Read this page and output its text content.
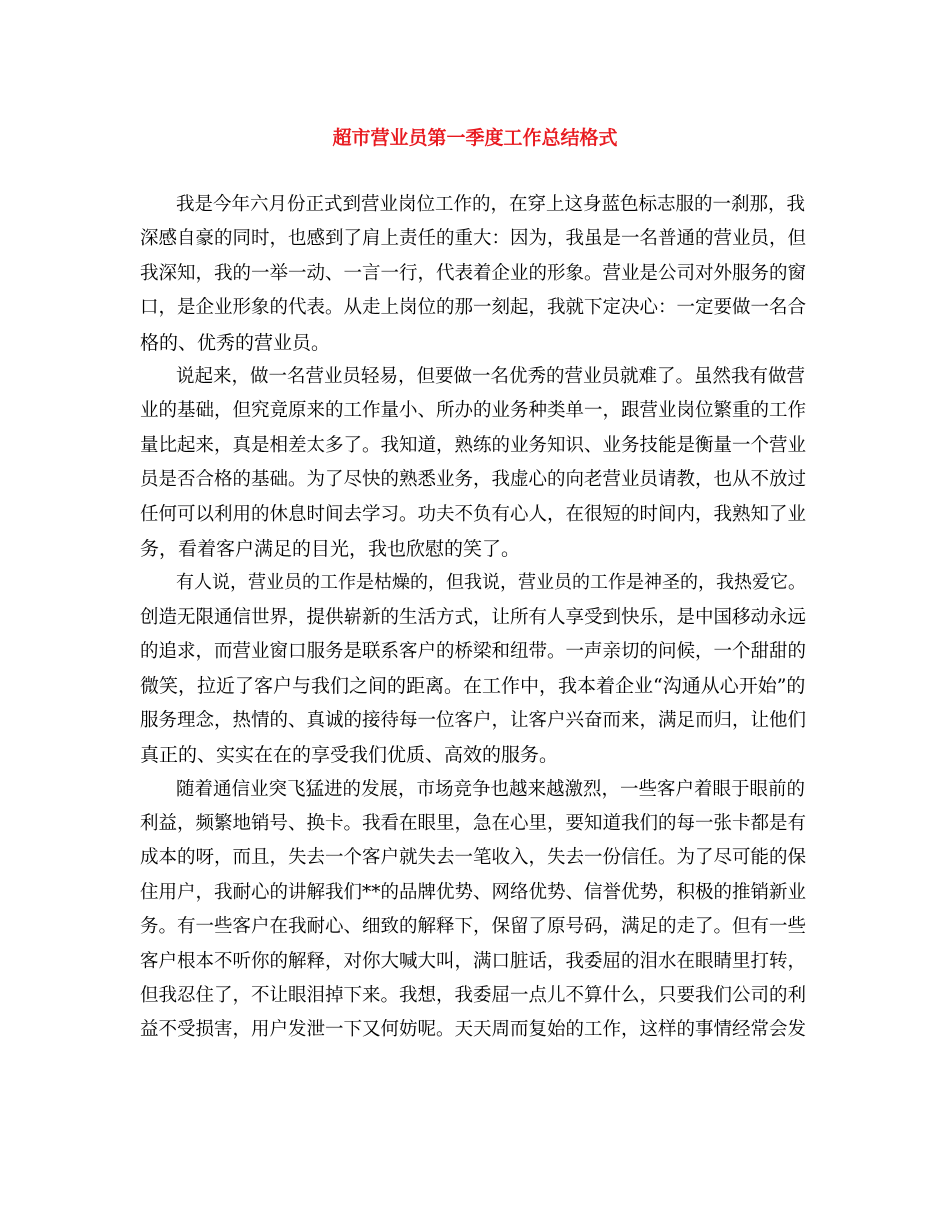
超市营业员第一季度工作总结格式
我是今年六月份正式到营业岗位工作的，在穿上这身蓝色标志服的一刹那，我
深感自豪的同时，也感到了肩上责任的重大：因为，我虽是一名普通的营业员，但
我深知，我的一举一动、一言一行，代表着企业的形象。营业是公司对外服务的窗
口，是企业形象的代表。从走上岗位的那一刻起，我就下定决心：一定要做一名合
格的、优秀的营业员。
说起来，做一名营业员轻易，但要做一名优秀的营业员就难了。虽然我有做营
业的基础，但究竟原来的工作量小、所办的业务种类单一，跟营业岗位繁重的工作
量比起来，真是相差太多了。我知道，熟练的业务知识、业务技能是衡量一个营业
员是否合格的基础。为了尽快的熟悉业务，我虚心的向老营业员请教，也从不放过
任何可以利用的休息时间去学习。功夫不负有心人，在很短的时间内，我熟知了业
务，看着客户满足的目光，我也欣慰的笑了。
有人说，营业员的工作是枯燥的，但我说，营业员的工作是神圣的，我热爱它。
创造无限通信世界，提供崭新的生活方式，让所有人享受到快乐，是中国移动永远
的追求，而营业窗口服务是联系客户的桥梁和纽带。一声亲切的问候，一个甜甜的
微笑，拉近了客户与我们之间的距离。在工作中，我本着企业“沟通从心开始”的
服务理念，热情的、真诚的接待每一位客户，让客户兴奋而来，满足而归，让他们
真正的、实实在在的享受我们优质、高效的服务。
随着通信业突飞猛进的发展，市场竞争也越来越激烈，一些客户着眼于眼前的
利益，频繁地销号、换卡。我看在眼里，急在心里，要知道我们的每一张卡都是有
成本的呀，而且，失去一个客户就失去一笔收入，失去一份信任。为了尽可能的保
住用户，我耐心的讲解我们**的品牌优势、网络优势、信誉优势，积极的推销新业
务。有一些客户在我耐心、细致的解释下，保留了原号码，满足的走了。但有一些
客户根本不听你的解释，对你大喊大叫，满口脏话，我委屈的泪水在眼睛里打转，
但我忍住了，不让眼泪掉下来。我想，我委屈一点儿不算什么，只要我们公司的利
益不受损害，用户发泄一下又何妨呢。天天周而复始的工作，这样的事情经常会发
